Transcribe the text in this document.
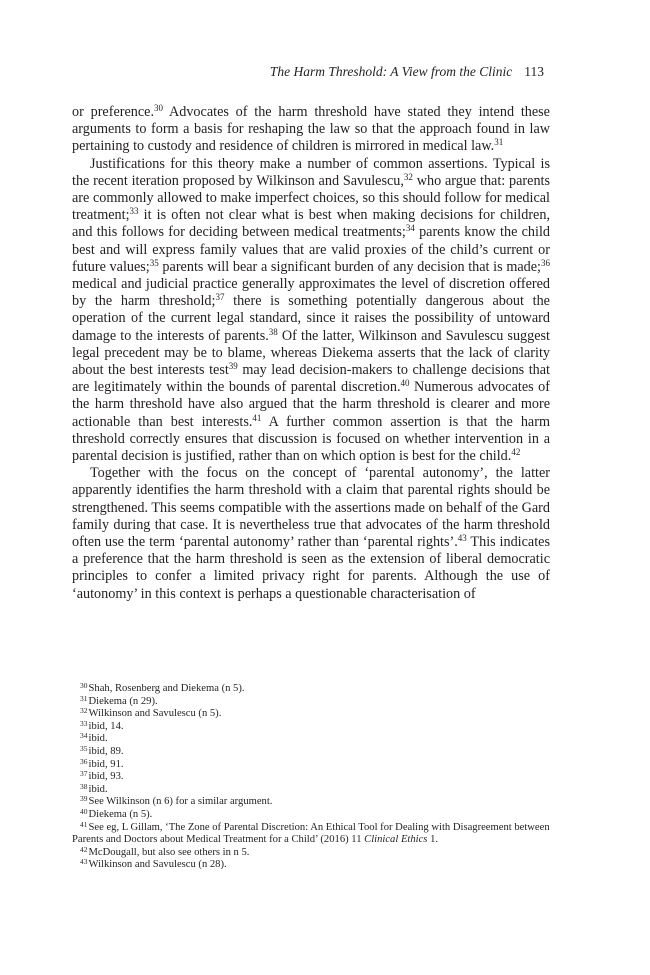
The Harm Threshold: A View from the Clinic 113

or preference.$^{30}$ Advocates of the harm threshold have stated they intend these arguments to form a basis for reshaping the law so that the approach found in law pertaining to custody and residence of children is mirrored in medical law.$^{31}$

Justifications for this theory make a number of common assertions. Typical is the recent iteration proposed by Wilkinson and Savulescu,$^{32}$ who argue that: parents are commonly allowed to make imperfect choices, so this should follow for medical treatment;$^{33}$ it is often not clear what is best when making decisions for children, and this follows for deciding between medical treatments;$^{34}$ parents know the child best and will express family values that are valid proxies of the child’s current or future values;$^{35}$ parents will bear a significant burden of any decision that is made;$^{36}$ medical and judicial practice generally approximates the level of discretion offered by the harm threshold;$^{37}$ there is something potentially dangerous about the operation of the current legal standard, since it raises the possibility of untoward damage to the interests of parents.$^{38}$ Of the latter, Wilkinson and Savulescu suggest legal precedent may be to blame, whereas Diekema asserts that the lack of clarity about the best interests test$^{39}$ may lead decision-makers to challenge decisions that are legitimately within the bounds of parental discretion.$^{40}$ Numerous advocates of the harm threshold have also argued that the harm threshold is clearer and more actionable than best interests.$^{41}$ A further common assertion is that the harm threshold correctly ensures that discussion is focused on whether intervention in a parental decision is justified, rather than on which option is best for the child.$^{42}$

Together with the focus on the concept of ‘parental autonomy’, the latter apparently identifies the harm threshold with a claim that parental rights should be strengthened. This seems compatible with the assertions made on behalf of the Gard family during that case. It is nevertheless true that advocates of the harm threshold often use the term ‘parental autonomy’ rather than ‘parental rights’.$^{43}$ This indicates a preference that the harm threshold is seen as the extension of liberal democratic principles to confer a limited privacy right for parents. Although the use of ‘autonomy’ in this context is perhaps a questionable characterisation of

$^{30}$Shah, Rosenberg and Diekema (n 5).
$^{31}$Diekema (n 29).
$^{32}$Wilkinson and Savulescu (n 5).
$^{33}$ibid, 14.
$^{34}$ibid.
$^{35}$ibid, 89.
$^{36}$ibid, 91.
$^{37}$ibid, 93.
$^{38}$ibid.
$^{39}$See Wilkinson (n 6) for a similar argument.
$^{40}$Diekema (n 5).
$^{41}$See eg, L Gillam, ‘The Zone of Parental Discretion: An Ethical Tool for Dealing with Disagreement between Parents and Doctors about Medical Treatment for a Child’ (2016) 11 Clinical Ethics 1.
$^{42}$McDougall, but also see others in n 5.
$^{43}$Wilkinson and Savulescu (n 28).
